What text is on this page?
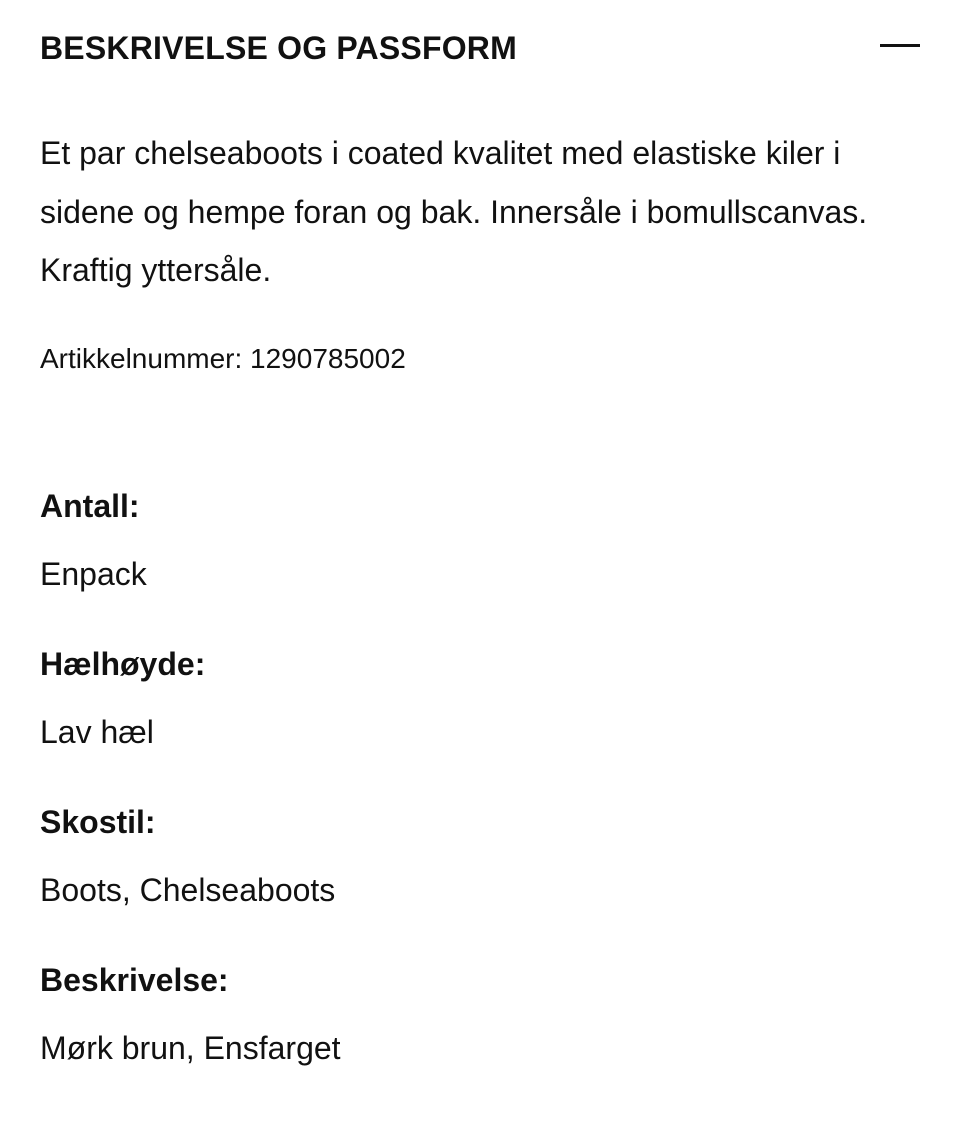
BESKRIVELSE OG PASSFORM
Et par chelseaboots i coated kvalitet med elastiske kiler i sidene og hempe foran og bak. Innersåle i bomullscanvas. Kraftig yttersåle.
Artikkelnummer: 1290785002
Antall:
Enpack
Hælhøyde:
Lav hæl
Skostil:
Boots, Chelseaboots
Beskrivelse:
Mørk brun, Ensfarget
